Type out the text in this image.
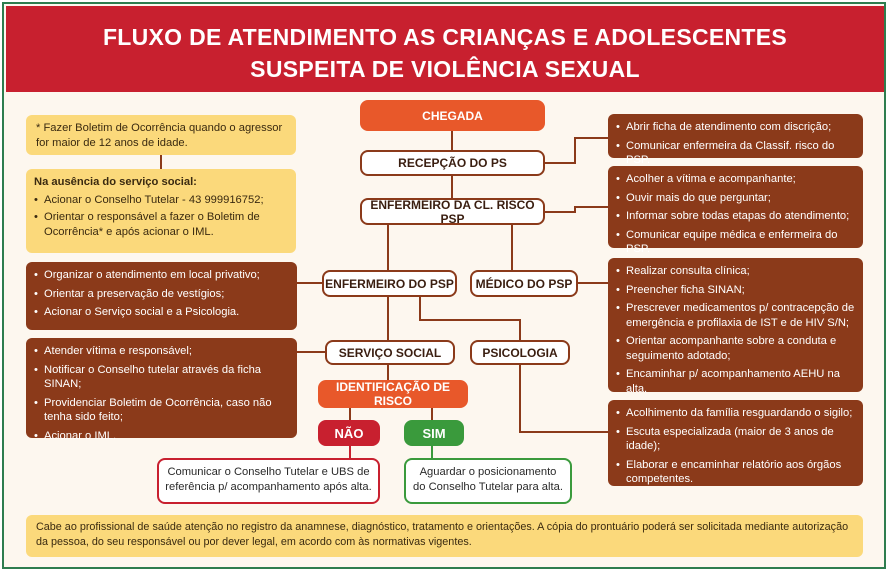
FLUXO DE ATENDIMENTO AS CRIANÇAS E ADOLESCENTES
SUSPEITA DE VIOLÊNCIA SEXUAL
CHEGADA
RECEPÇÃO DO PS
ENFERMEIRO DA CL. RISCO PSP
ENFERMEIRO DO PSP	MÉDICO DO PSP
SERVIÇO SOCIAL	PSICOLOGIA
IDENTIFICAÇÃO DE RISCO
NÃO	SIM
Comunicar o Conselho Tutelar e UBS de referência p/ acompanhamento após alta.
Aguardar o posicionamento do Conselho Tutelar para alta.
* Fazer Boletim de Ocorrência quando o agressor for maior de 12 anos de idade.
Na ausência do serviço social:
• Acionar o Conselho Tutelar - 43 999916752;
• Orientar o responsável a fazer o Boletim de Ocorrência* e após acionar o IML.
• Organizar o atendimento em local privativo;
• Orientar a preservação de vestígios;
• Acionar o Serviço social e a Psicologia.
• Atender vítima e responsável;
• Notificar o Conselho tutelar através da ficha SINAN;
• Providenciar Boletim de Ocorrência, caso não tenha sido feito;
• Acionar o IML.
• Abrir ficha de atendimento com discrição;
• Comunicar enfermeira da Classif. risco do PSP.
• Acolher a vítima e acompanhante;
• Ouvir mais do que perguntar;
• Informar sobre todas etapas do atendimento;
• Comunicar equipe médica e enfermeira do PSP.
• Realizar consulta clínica;
• Preencher ficha SINAN;
• Prescrever medicamentos p/ contracepção de emergência e profilaxia de IST e de HIV S/N;
• Orientar acompanhante sobre a conduta e seguimento adotado;
• Encaminhar p/ acompanhamento AEHU na alta.
• Acolhimento da família resguardando o sigilo;
• Escuta especializada (maior de 3 anos de idade);
• Elaborar e encaminhar relatório aos órgãos competentes.
Cabe ao profissional de saúde atenção no registro da anamnese, diagnóstico, tratamento e orientações. A cópia do prontuário poderá ser solicitada mediante autorização da pessoa, do seu responsável ou por dever legal, em acordo com às normativas vigentes.
